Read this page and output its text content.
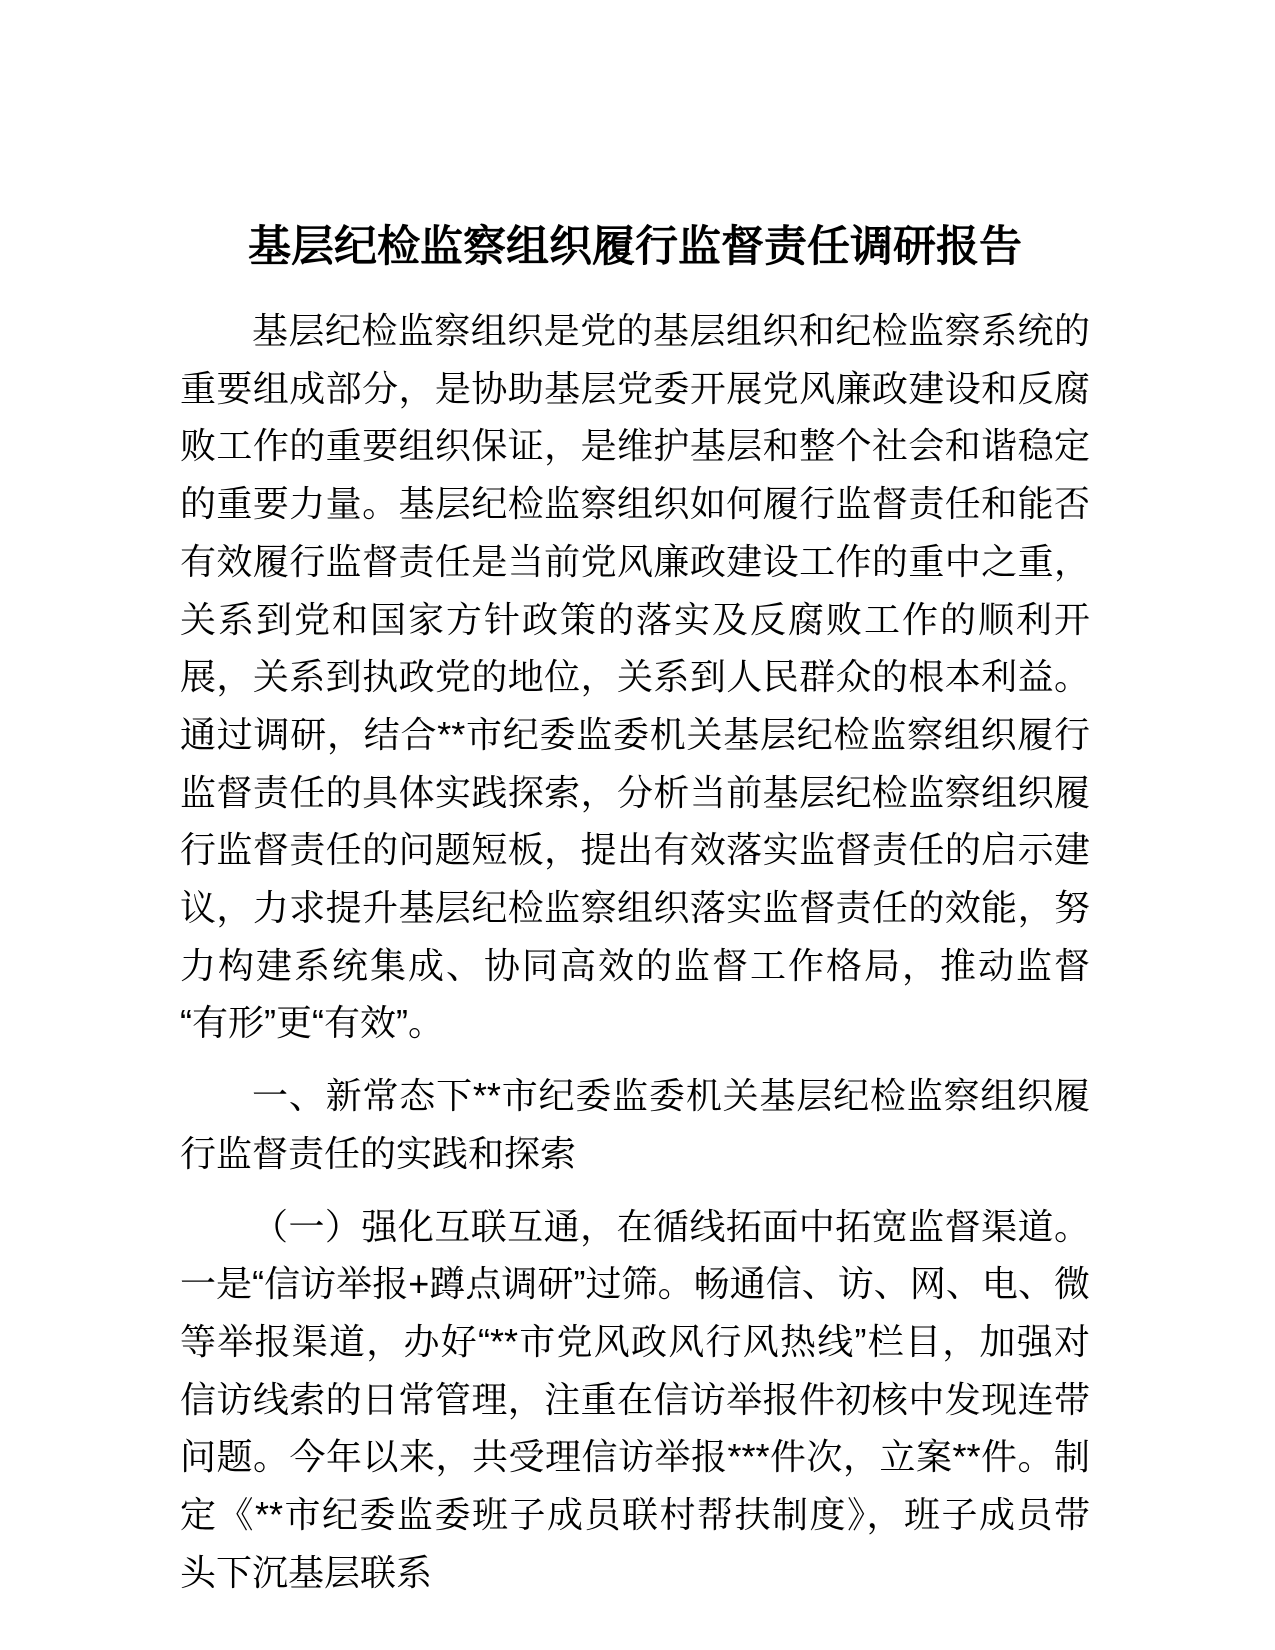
基层纪检监察组织履行监督责任调研报告

基层纪检监察组织是党的基层组织和纪检监察系统的重要组成部分，是协助基层党委开展党风廉政建设和反腐败工作的重要组织保证，是维护基层和整个社会和谐稳定的重要力量。基层纪检监察组织如何履行监督责任和能否有效履行监督责任是当前党风廉政建设工作的重中之重，关系到党和国家方针政策的落实及反腐败工作的顺利开展，关系到执政党的地位，关系到人民群众的根本利益。通过调研，结合**市纪委监委机关基层纪检监察组织履行监督责任的具体实践探索，分析当前基层纪检监察组织履行监督责任的问题短板，提出有效落实监督责任的启示建议，力求提升基层纪检监察组织落实监督责任的效能，努力构建系统集成、协同高效的监督工作格局，推动监督“有形”更“有效”。

一、新常态下**市纪委监委机关基层纪检监察组织履行监督责任的实践和探索

（一）强化互联互通，在循线拓面中拓宽监督渠道。一是“信访举报+蹲点调研”过筛。畅通信、访、网、电、微等举报渠道，办好“**市党风政风行风热线”栏目，加强对信访线索的日常管理，注重在信访举报件初核中发现连带问题。今年以来，共受理信访举报***件次，立案**件。制定《**市纪委监委班子成员联村帮扶制度》，班子成员带头下沉基层联系
